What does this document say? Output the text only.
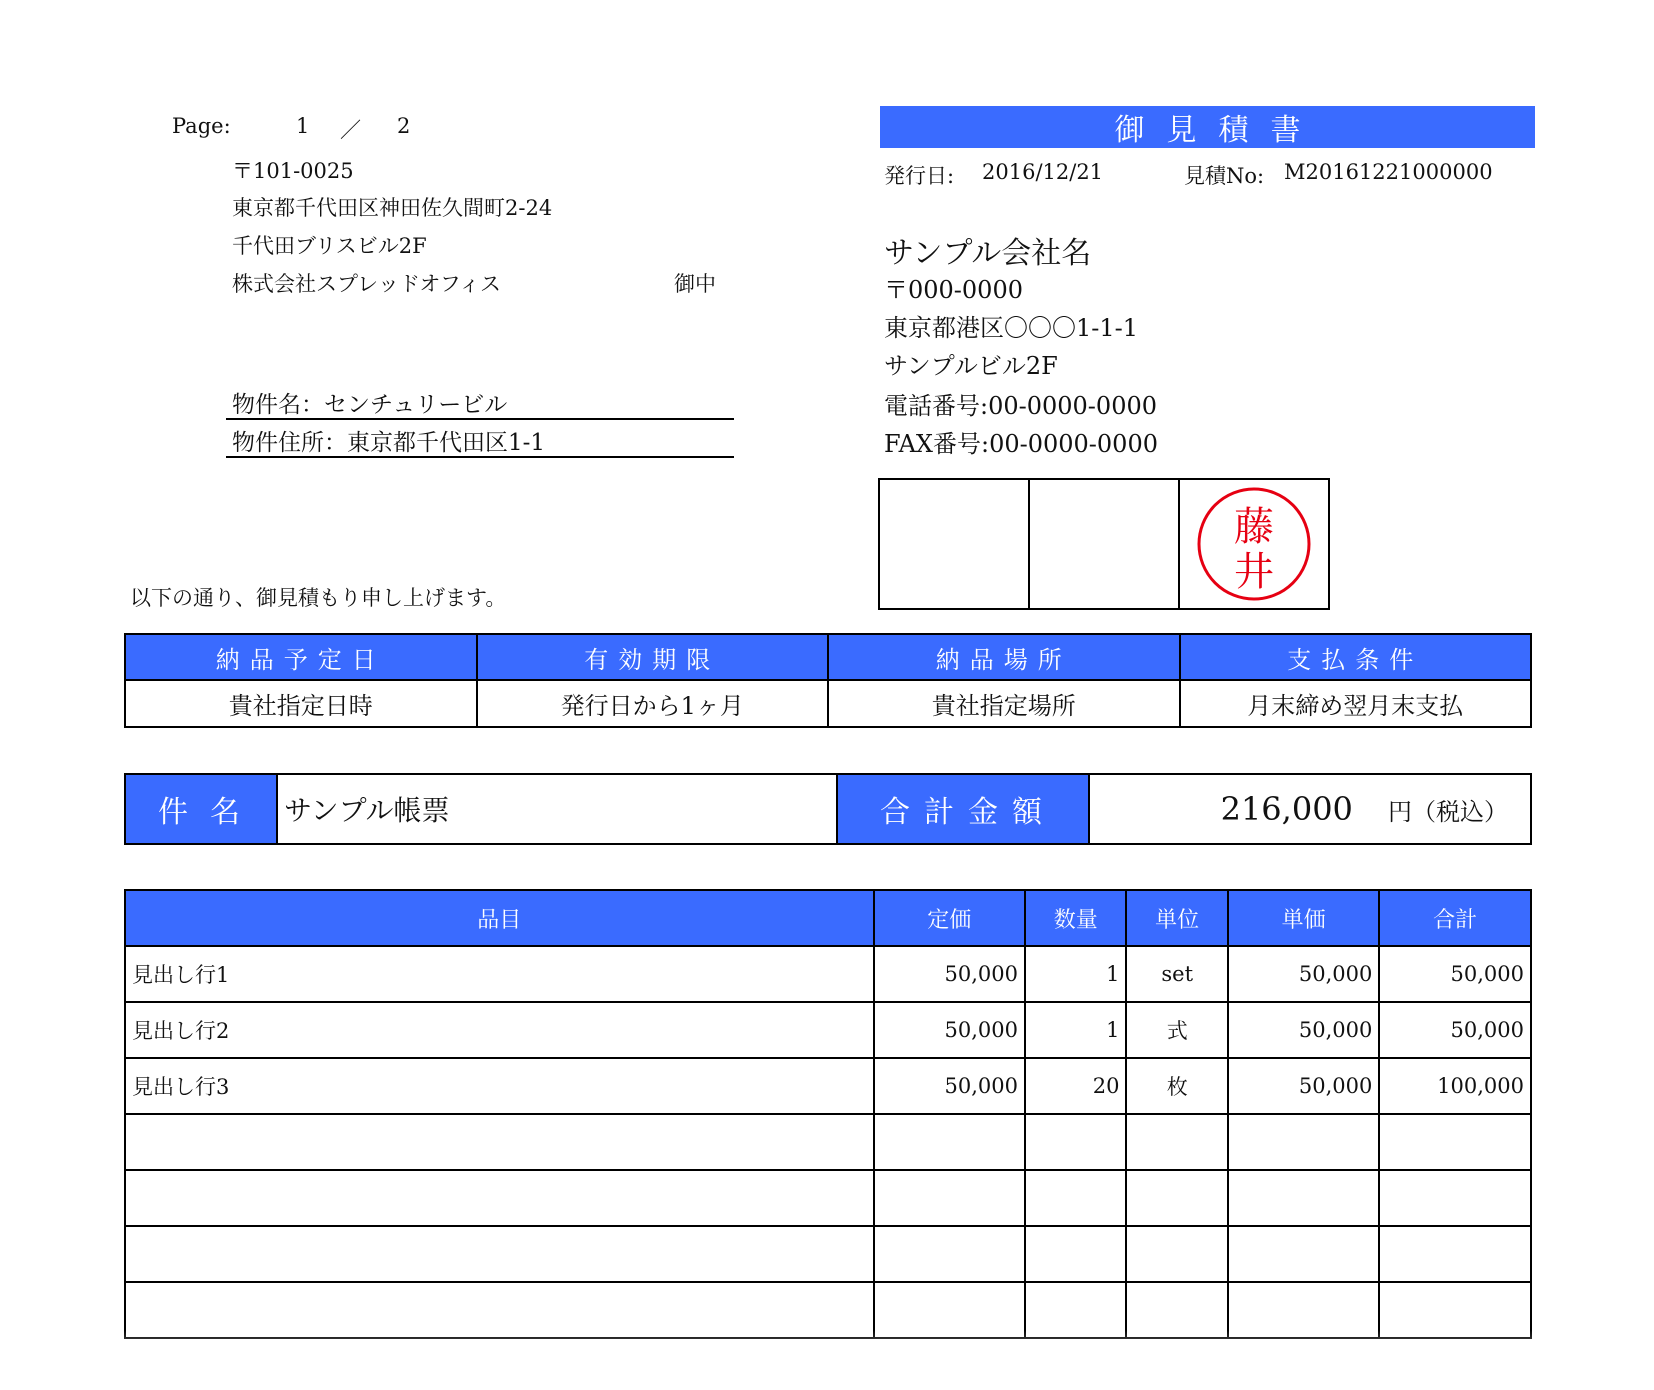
Page:	1 ／ 2
〒101-0025
東京都千代田区神田佐久間町2-24
千代田ブリスビル2F
株式会社スプレッドオフィス	御中
物件名：センチュリービル
物件住所：東京都千代田区1-1
以下の通り、御見積もり申し上げます。
御見積書
発行日: 2016/12/21	見積No: M20161221000000
サンプル会社名
〒000-0000
東京都港区〇〇〇1-1-1
サンプルビル2F
電話番号:00-0000-0000
FAX番号:00-0000-0000

藤
井
納品予定日	有効期限	納品場所	支払条件
貴社指定日時	発行日から1ヶ月	貴社指定場所	月末締め翌月末支払
件名	サンプル帳票	合計金額	216,000 円（税込）
品目	定価	数量	単位	単価	合計
見出し行1	50,000	1	set	50,000	50,000
見出し行2	50,000	1	式	50,000	50,000
見出し行3	50,000	20	枚	50,000	100,000
